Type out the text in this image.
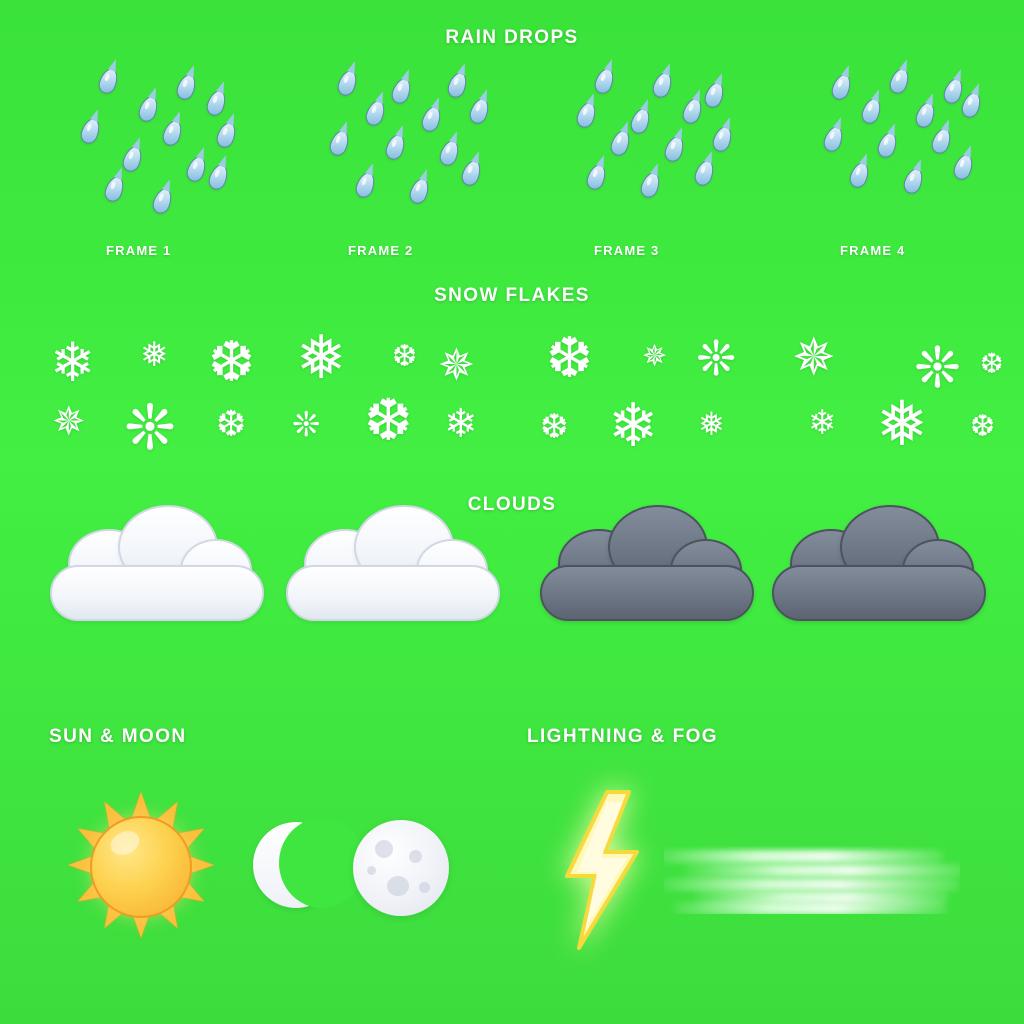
RAIN DROPS
FRAME 1	FRAME 2	FRAME 3	FRAME 4
SNOW FLAKES
❄ ❅ ❆
✵ ❊ ❆
❅ ❆ ✵
❊ ❆ ❄
❆ ✵ ❊
❆ ❄ ❅
✵ ❊ ❆
❄ ❅ ❆
CLOUDS
SUN & MOON	LIGHTNING & FOG
